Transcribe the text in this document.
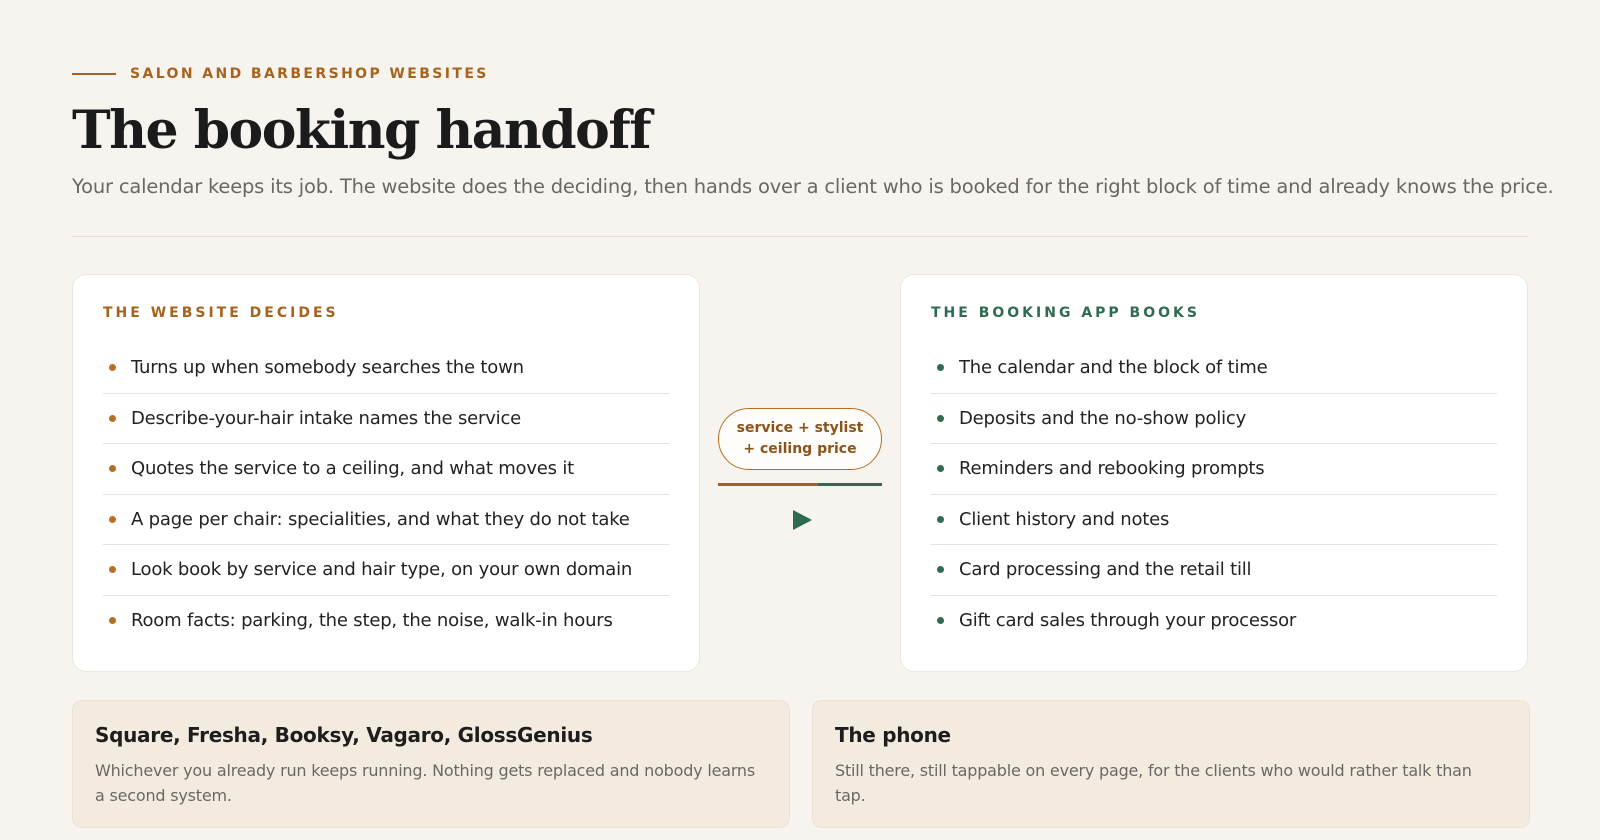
SALON AND BARBERSHOP WEBSITES
The booking handoff

Your calendar keeps its job. The website does the deciding, then hands over a client who is booked for the right block of time and already knows the price.

THE WEBSITE DECIDES
Turns up when somebody searches the town
Describe-your-hair intake names the service
Quotes the service to a ceiling, and what moves it
A page per chair: specialities, and what they do not take
Look book by service and hair type, on your own domain
Room facts: parking, the step, the noise, walk-in hours
service + stylist
+ ceiling price
THE BOOKING APP BOOKS
The calendar and the block of time
Deposits and the no-show policy
Reminders and rebooking prompts
Client history and notes
Card processing and the retail till
Gift card sales through your processor
Square, Fresha, Booksy, Vagaro, GlossGenius
Whichever you already run keeps running. Nothing gets replaced and nobody learns a second system.
The phone
Still there, still tappable on every page, for the clients who would rather talk than tap.
